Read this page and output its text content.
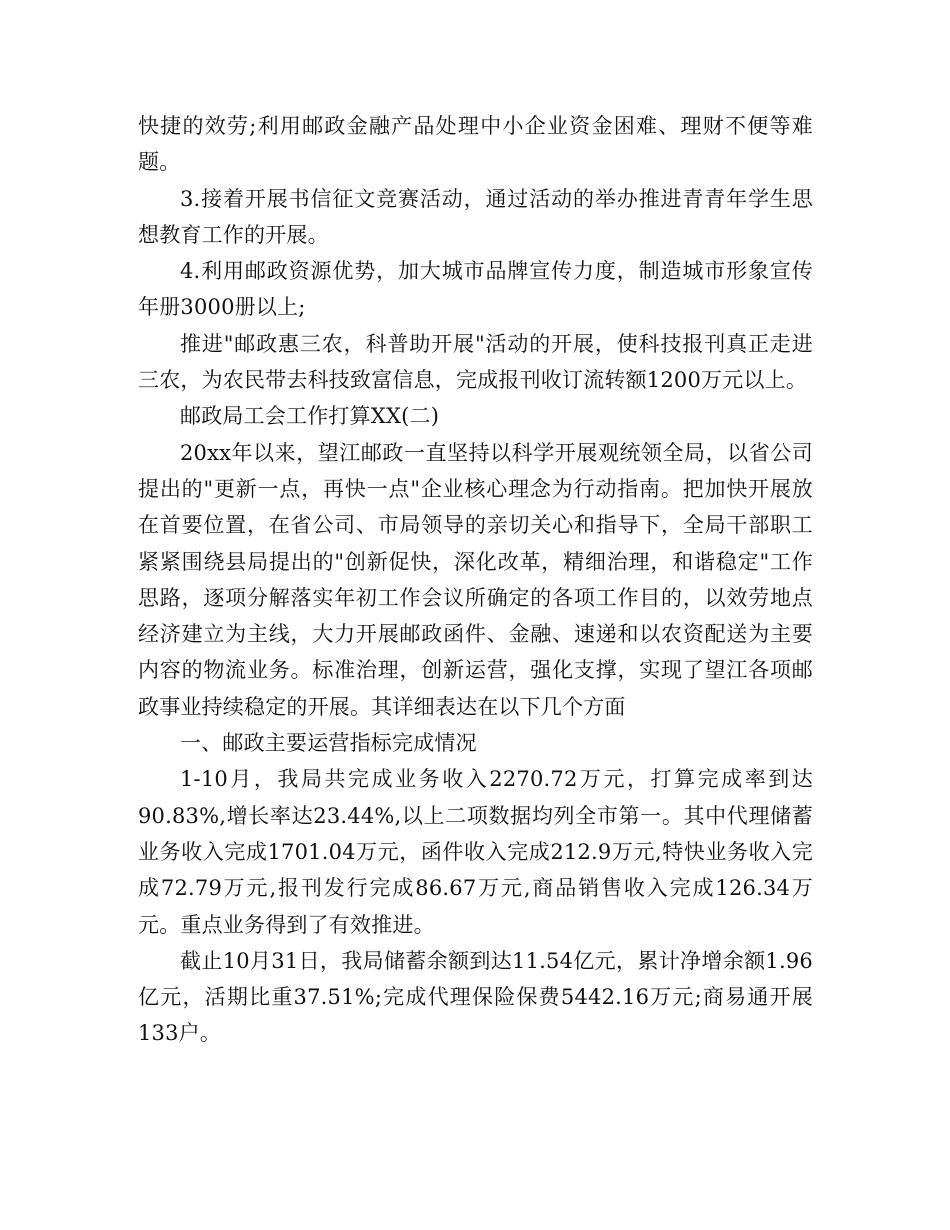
快捷的效劳;利用邮政金融产品处理中小企业资金困难、理财不便等难题。

3.接着开展书信征文竞赛活动，通过活动的举办推进青青年学生思想教育工作的开展。

4.利用邮政资源优势，加大城市品牌宣传力度，制造城市形象宣传年册3000册以上;

推进"邮政惠三农，科普助开展"活动的开展，使科技报刊真正走进三农，为农民带去科技致富信息，完成报刊收订流转额1200万元以上。

邮政局工会工作打算XX(二)

20xx年以来，望江邮政一直坚持以科学开展观统领全局，以省公司提出的"更新一点，再快一点"企业核心理念为行动指南。把加快开展放在首要位置，在省公司、市局领导的亲切关心和指导下，全局干部职工紧紧围绕县局提出的"创新促快，深化改革，精细治理，和谐稳定"工作思路，逐项分解落实年初工作会议所确定的各项工作目的，以效劳地点经济建立为主线，大力开展邮政函件、金融、速递和以农资配送为主要内容的物流业务。标准治理，创新运营，强化支撑，实现了望江各项邮政事业持续稳定的开展。其详细表达在以下几个方面

一、邮政主要运营指标完成情况

1-10月，我局共完成业务收入2270.72万元，打算完成率到达90.83%,增长率达23.44%,以上二项数据均列全市第一。其中代理储蓄业务收入完成1701.04万元，函件收入完成212.9万元,特快业务收入完成72.79万元,报刊发行完成86.67万元,商品销售收入完成126.34万元。重点业务得到了有效推进。

截止10月31日，我局储蓄余额到达11.54亿元，累计净增余额1.96亿元，活期比重37.51%;完成代理保险保费5442.16万元;商易通开展133户。
